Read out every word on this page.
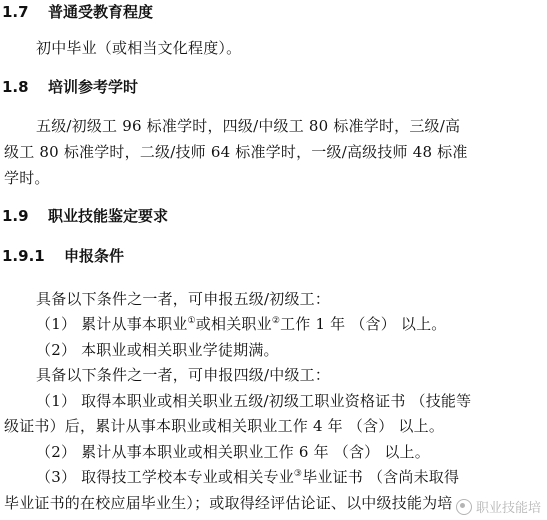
1.7 普通受教育程度
初中毕业（或相当文化程度）。
1.8 培训参考学时
五级/初级工 96 标准学时，四级/中级工 80 标准学时，三级/高
级工 80 标准学时，二级/技师 64 标准学时，一级/高级技师 48 标准
学时。
1.9 职业技能鉴定要求
1.9.1 申报条件
具备以下条件之一者，可申报五级/初级工：
（1） 累计从事本职业①或相关职业②工作 1 年 （含） 以上。
（2） 本职业或相关职业学徒期满。
具备以下条件之一者，可申报四级/中级工：
（1） 取得本职业或相关职业五级/初级工职业资格证书 （技能等
级证书）后，累计从事本职业或相关职业工作 4 年 （含） 以上。
（2） 累计从事本职业或相关职业工作 6 年 （含） 以上。
（3） 取得技工学校本专业或相关专业③毕业证书 （含尚未取得
毕业证书的在校应届毕业生）；或取得经评估论证、以中级技能为培 职业技能培
